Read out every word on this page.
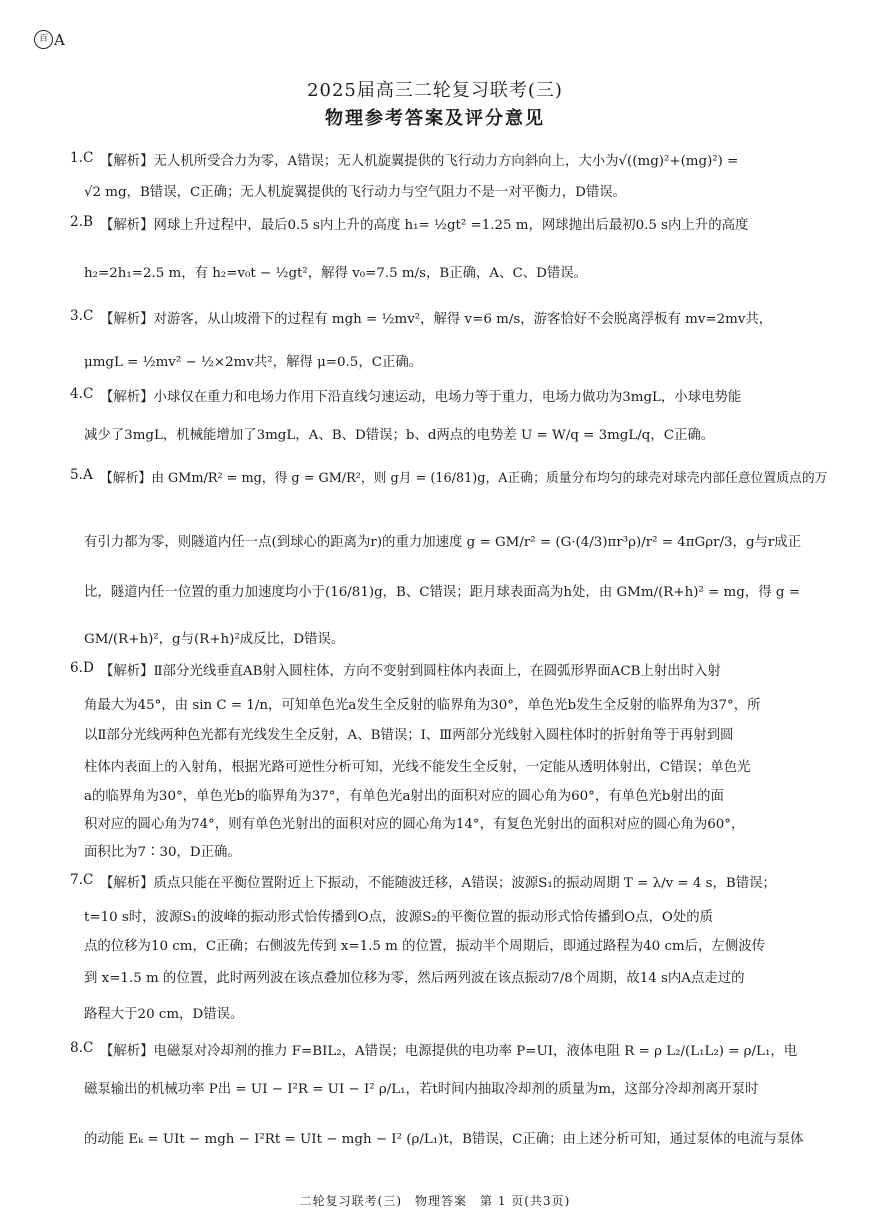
百 A
2025届高三二轮复习联考(三)
物理参考答案及评分意见
1.C 【解析】无人机所受合力为零，A错误；无人机旋翼提供的飞行动力方向斜向上，大小为√((mg)²+(mg)²) =
√2 mg，B错误，C正确；无人机旋翼提供的飞行动力与空气阻力不是一对平衡力，D错误。
2.B 【解析】网球上升过程中，最后0.5 s内上升的高度 h₁= ½gt² =1.25 m，网球抛出后最初0.5 s内上升的高度
h₂=2h₁=2.5 m，有 h₂=v₀t − ½gt²，解得 v₀=7.5 m/s，B正确，A、C、D错误。
3.C 【解析】对游客，从山坡滑下的过程有 mgh = ½mv²，解得 v=6 m/s，游客恰好不会脱离浮板有 mv=2mv共，
μmgL = ½mv² − ½×2mv共²，解得 μ=0.5，C正确。
4.C 【解析】小球仅在重力和电场力作用下沿直线匀速运动，电场力等于重力，电场力做功为3mgL，小球电势能
减少了3mgL，机械能增加了3mgL，A、B、D错误；b、d两点的电势差 U = W/q = 3mgL/q，C正确。
5.A 【解析】由 GMm/R² = mg，得 g = GM/R²，则 g月 = (16/81)g，A正确；质量分布均匀的球壳对球壳内部任意位置质点的万
有引力都为零，则隧道内任一点(到球心的距离为r)的重力加速度 g = GM/r² = (G·(4/3)πr³ρ)/r² = 4πGρr/3，g与r成正
比，隧道内任一位置的重力加速度均小于(16/81)g，B、C错误；距月球表面高为h处，由 GMm/(R+h)² = mg，得 g =
GM/(R+h)²，g与(R+h)²成反比，D错误。
6.D 【解析】Ⅱ部分光线垂直AB射入圆柱体，方向不变射到圆柱体内表面上，在圆弧形界面ACB上射出时入射
角最大为45°，由 sin C = 1/n，可知单色光a发生全反射的临界角为30°，单色光b发生全反射的临界角为37°，所
以Ⅱ部分光线两种色光都有光线发生全反射，A、B错误；Ⅰ、Ⅲ两部分光线射入圆柱体时的折射角等于再射到圆
柱体内表面上的入射角，根据光路可逆性分析可知，光线不能发生全反射，一定能从透明体射出，C错误；单色光
a的临界角为30°，单色光b的临界角为37°，有单色光a射出的面积对应的圆心角为60°，有单色光b射出的面
积对应的圆心角为74°，则有单色光射出的面积对应的圆心角为14°，有复色光射出的面积对应的圆心角为60°，
面积比为7∶30，D正确。
7.C 【解析】质点只能在平衡位置附近上下振动，不能随波迁移，A错误；波源S₁的振动周期 T = λ/v = 4 s，B错误；
t=10 s时，波源S₁的波峰的振动形式恰传播到O点，波源S₂的平衡位置的振动形式恰传播到O点，O处的质
点的位移为10 cm，C正确；右侧波先传到 x=1.5 m 的位置，振动半个周期后，即通过路程为40 cm后，左侧波传
到 x=1.5 m 的位置，此时两列波在该点叠加位移为零，然后两列波在该点振动7/8个周期，故14 s内A点走过的
路程大于20 cm，D错误。
8.C 【解析】电磁泵对冷却剂的推力 F=BIL₂，A错误；电源提供的电功率 P=UI，液体电阻 R = ρ L₂/(L₁L₂) = ρ/L₁，电
磁泵输出的机械功率 P出 = UI − I²R = UI − I² ρ/L₁，若t时间内抽取冷却剂的质量为m，这部分冷却剂离开泵时
的动能 Eₖ = UIt − mgh − I²Rt = UIt − mgh − I² (ρ/L₁)t，B错误，C正确；由上述分析可知，通过泵体的电流与泵体
二轮复习联考(三)　物理答案　第 1 页(共3页)
